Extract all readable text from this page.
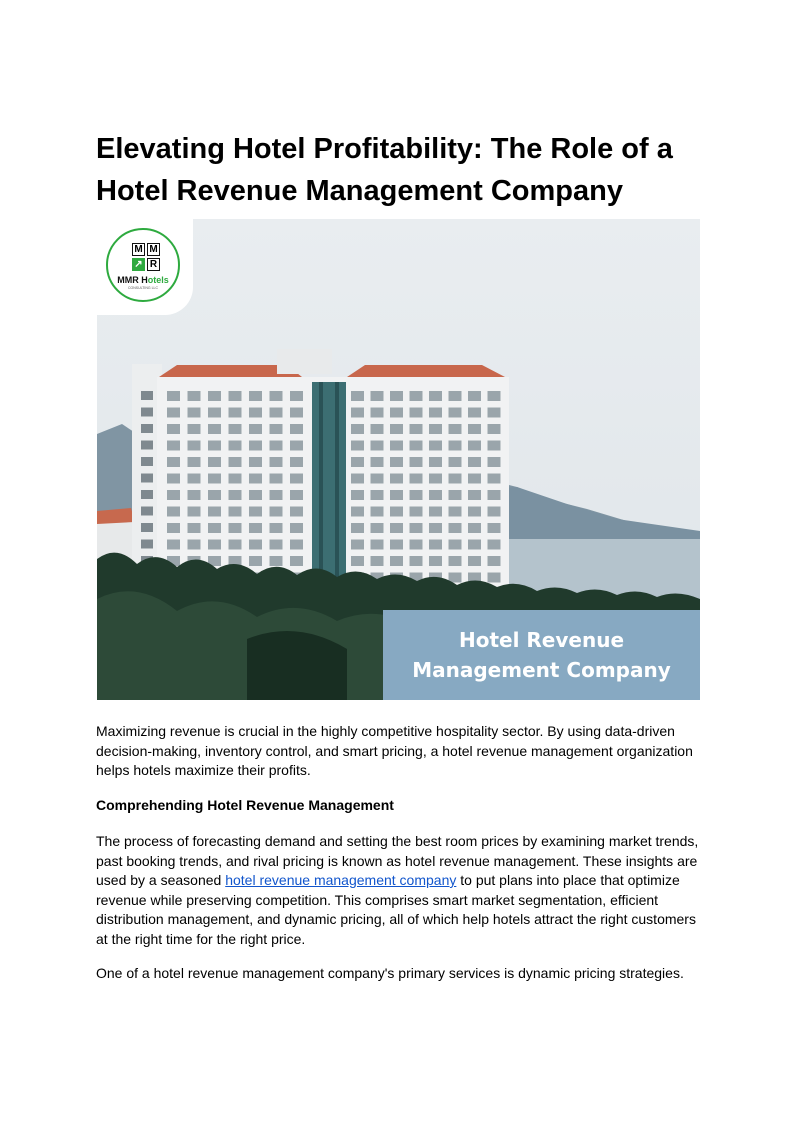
Elevating Hotel Profitability: The Role of a Hotel Revenue Management Company
M M
↗ R
MMR Hotels
CONSULTING LLC
Hotel Revenue Management Company

Maximizing revenue is crucial in the highly competitive hospitality sector. By using data-driven decision-making, inventory control, and smart pricing, a hotel revenue management organization helps hotels maximize their profits.

Comprehending Hotel Revenue Management

The process of forecasting demand and setting the best room prices by examining market trends, past booking trends, and rival pricing is known as hotel revenue management. These insights are used by a seasoned hotel revenue management company to put plans into place that optimize revenue while preserving competition. This comprises smart market segmentation, efficient distribution management, and dynamic pricing, all of which help hotels attract the right customers at the right time for the right price.

One of a hotel revenue management company's primary services is dynamic pricing strategies.
